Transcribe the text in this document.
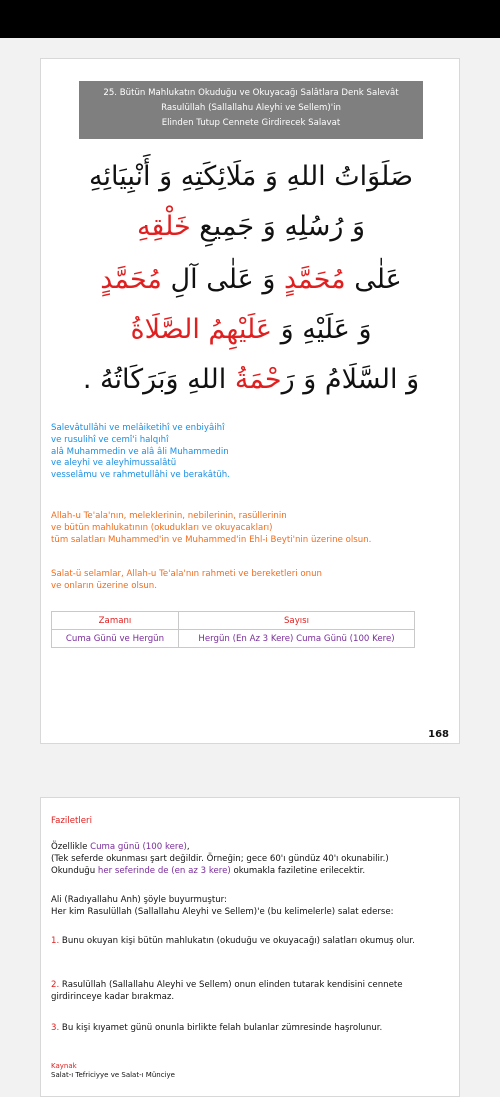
25. Bütün Mahlukatın Okuduğu ve Okuyacağı Salâtlara Denk Salevât
Rasulüllah (Sallallahu Aleyhi ve Sellem)'in
Elinden Tutup Cennete Girdirecek Salavat
صَلَوَاتُ اللهِ وَ مَلَائِكَتِهِ وَ أَنْبِيَائِهِ
وَ رُسُلِهِ وَ جَمِيعِ خَلْقِهِ
عَلٰى مُحَمَّدٍ وَ عَلٰى آلِ مُحَمَّدٍ
وَ عَلَيْهِ وَ عَلَيْهِمُ الصَّلَاةُ
وَ السَّلَامُ وَ رَحْمَةُ اللهِ وَبَرَكَاتُهُ .
Salevâtullâhi ve melâiketihî ve enbiyâihî
ve rusulihî ve cemî'i halqıhî
alâ Muhammedin ve alâ âli Muhammedin
ve aleyhi ve aleyhimussalâtü
vesselâmu ve rahmetullâhi ve berakâtüh.
Allah-u Te'ala'nın, meleklerinin, nebilerinin, rasüllerinin
ve bütün mahlukatının (okudukları ve okuyacakları)
tüm salatları Muhammed'in ve Muhammed'in Ehl-i Beyti'nin üzerine olsun.
Salat-ü selamlar, Allah-u Te'ala'nın rahmeti ve bereketleri onun
ve onların üzerine olsun.
Zamanı	Sayısı
Cuma Günü ve Hergün	Hergün (En Az 3 Kere) Cuma Günü (100 Kere)
168
Faziletleri
Özellikle Cuma günü (100 kere),
(Tek seferde okunması şart değildir. Örneğin; gece 60'ı gündüz 40'ı okunabilir.)
Okunduğu her seferinde de (en az 3 kere) okumakla faziletine erilecektir.
Ali (Radıyallahu Anh) şöyle buyurmuştur:
Her kim Rasulüllah (Sallallahu Aleyhi ve Sellem)'e (bu kelimelerle) salat ederse:
1. Bunu okuyan kişi bütün mahlukatın (okuduğu ve okuyacağı) salatları okumuş olur.
2. Rasulüllah (Sallallahu Aleyhi ve Sellem) onun elinden tutarak kendisini cennete girdirinceye kadar bırakmaz.
3. Bu kişi kıyamet günü onunla birlikte felah bulanlar zümresinde haşrolunur.
Kaynak
Salat-ı Tefriciyye ve Salat-ı Münciye
